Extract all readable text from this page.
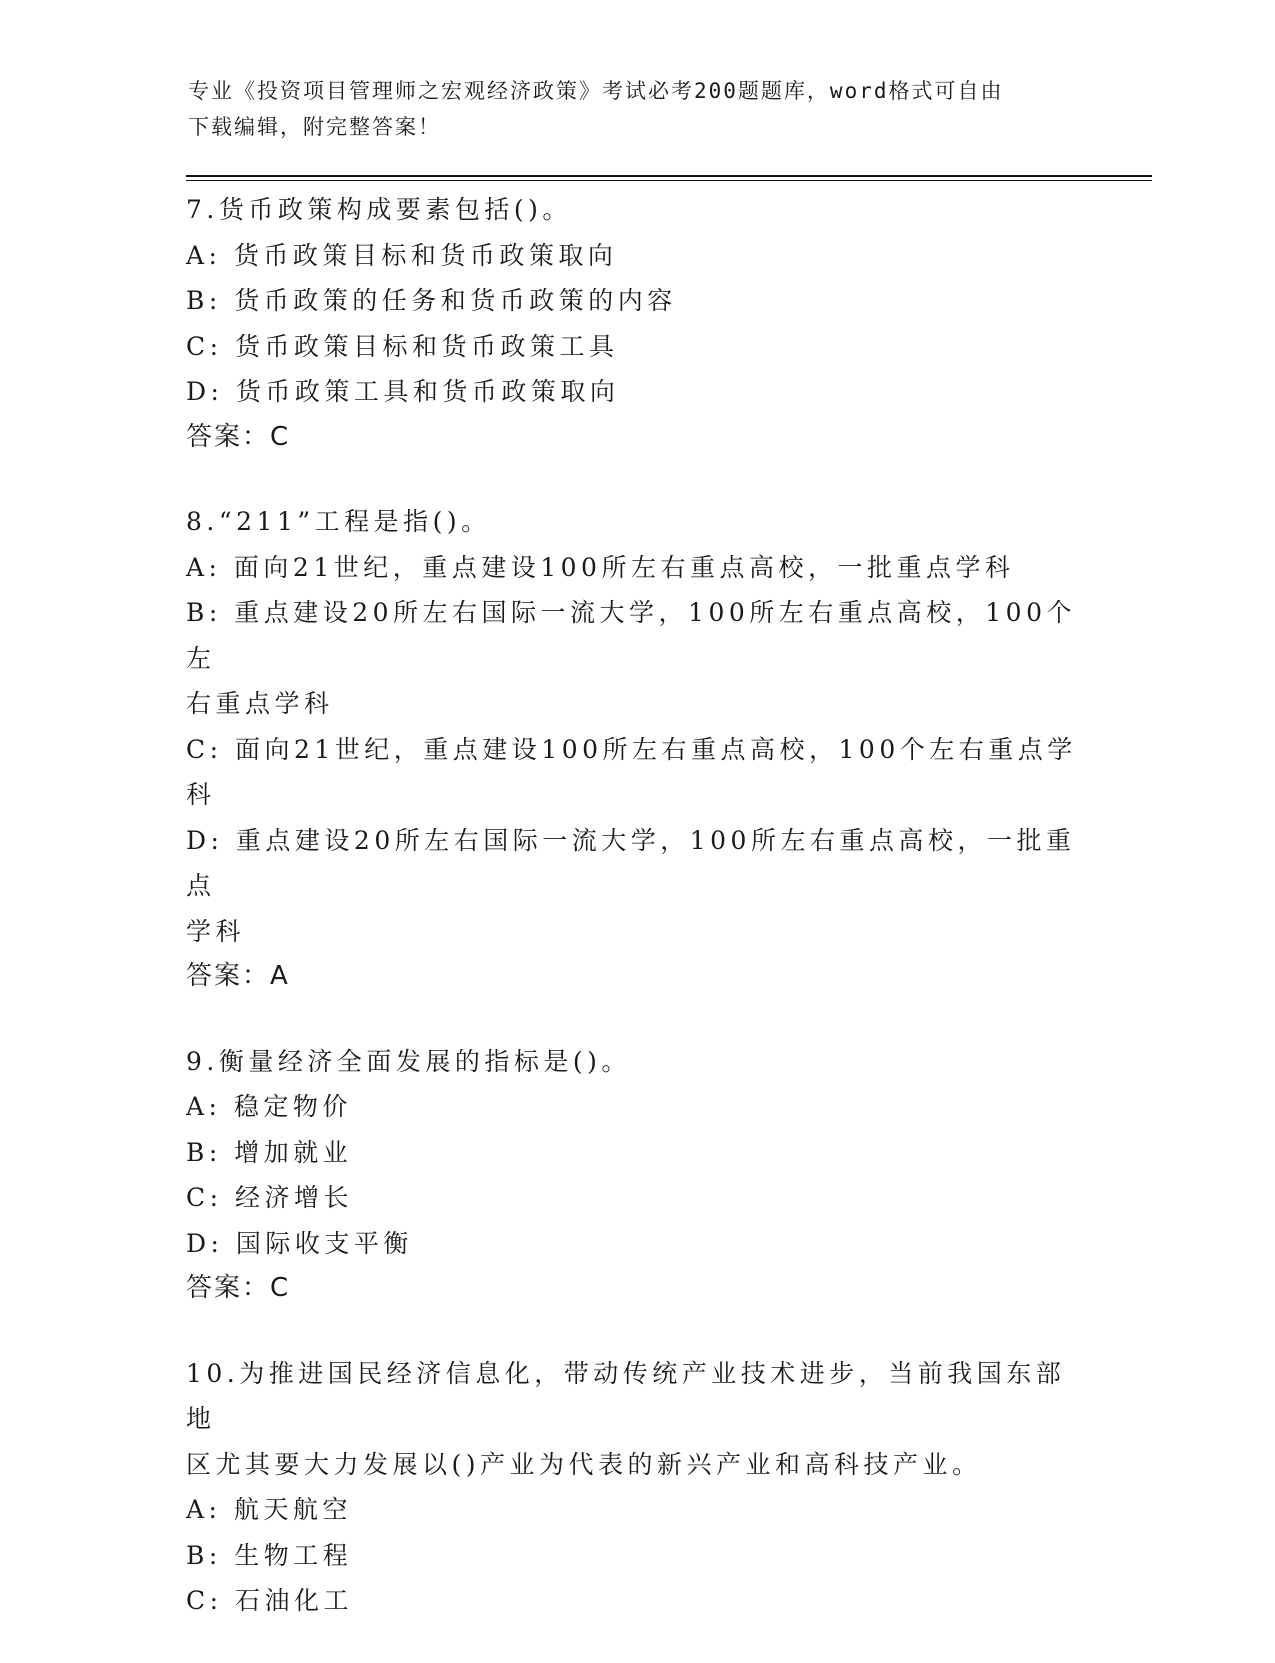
专业《投资项目管理师之宏观经济政策》考试必考200题题库，word格式可自由
下载编辑，附完整答案！
7.货币政策构成要素包括()。
A: 货币政策目标和货币政策取向
B: 货币政策的任务和货币政策的内容
C: 货币政策目标和货币政策工具
D: 货币政策工具和货币政策取向
答案：C
8.“211”工程是指()。
A: 面向21世纪，重点建设100所左右重点高校，一批重点学科
B: 重点建设20所左右国际一流大学，100所左右重点高校，100个左
右重点学科
C: 面向21世纪，重点建设100所左右重点高校，100个左右重点学科
D: 重点建设20所左右国际一流大学，100所左右重点高校，一批重点
学科
答案：A
9.衡量经济全面发展的指标是()。
A: 稳定物价
B: 增加就业
C: 经济增长
D: 国际收支平衡
答案：C
10.为推进国民经济信息化，带动传统产业技术进步，当前我国东部地
区尤其要大力发展以()产业为代表的新兴产业和高科技产业。
A: 航天航空
B: 生物工程
C: 石油化工
